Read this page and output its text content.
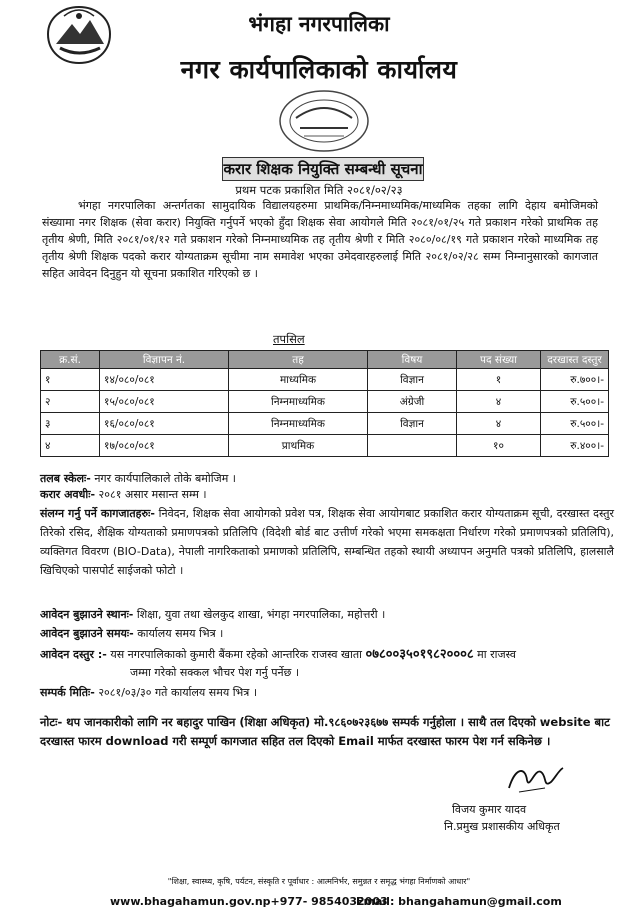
भंगहा नगरपालिका
नगर कार्यपालिकाको कार्यालय
करार शिक्षक नियुक्ति सम्बन्धी सूचना
प्रथम पटक प्रकाशित मिति २०८१/०२/२३
भंगहा नगरपालिका अन्तर्गतका सामुदायिक विद्यालयहरुमा प्राथमिक/निम्नमाध्यमिक/माध्यमिक तहका लागि देहाय बमोजिमको संख्यामा नगर शिक्षक (सेवा करार) नियुक्ति गर्नुपर्ने भएको हुँदा शिक्षक सेवा आयोगले मिति २०८१/०१/२५ गते प्रकाशन गरेको प्राथमिक तह तृतीय श्रेणी, मिति २०८१/०१/१२ गते प्रकाशन गरेको निम्नमाध्यमिक तह तृतीय श्रेणी र मिति २०८०/०८/१९ गते प्रकाशन गरेको माध्यमिक तह तृतीय श्रेणी शिक्षक पदको करार योग्यताक्रम सूचीमा नाम समावेश भएका उमेदवारहरुलाई मिति २०८१/०२/२८ सम्म निम्नानुसारको कागजात सहित आवेदन दिनुहुन यो सूचना प्रकाशित गरिएको छ ।
तपसिल
क्र.सं.	विज्ञापन नं.	तह	विषय	पद संख्या	दरखास्त दस्तुर
१	१४/०८०/०८१	माध्यमिक	विज्ञान	१	रु.७००।-
२	१५/०८०/०८१	निम्नमाध्यमिक	अंग्रेजी	४	रु.५००।-
३	१६/०८०/०८१	निम्नमाध्यमिक	विज्ञान	४	रु.५००।-
४	१७/०८०/०८१	प्राथमिक		१०	रु.४००।-
तलब स्केलः- नगर कार्यपालिकाले तोके बमोजिम ।
करार अवधीः- २०८१ असार मसान्त सम्म ।
संलग्न गर्नु पर्ने कागजातहरुः- निवेदन, शिक्षक सेवा आयोगको प्रवेश पत्र, शिक्षक सेवा आयोगबाट प्रकाशित करार योग्यताक्रम सूची, दरखास्त दस्तुर तिरेको रसिद, शैक्षिक योग्यताको प्रमाणपत्रको प्रतिलिपि (विदेशी बोर्ड बाट उत्तीर्ण गरेको भएमा समकक्षता निर्धारण गरेको प्रमाणपत्रको प्रतिलिपि), व्यक्तिगत विवरण (BIO-Data), नेपाली नागरिकताको प्रमाणको प्रतिलिपि, सम्बन्धित तहको स्थायी अध्यापन अनुमति पत्रको प्रतिलिपि, हालसालै खिचिएको पासपोर्ट साईजको फोटो ।
आवेदन बुझाउने स्थानः- शिक्षा, युवा तथा खेलकुद शाखा, भंगहा नगरपालिका, महोत्तरी ।
आवेदन बुझाउने समयः- कार्यालय समय भित्र ।
आवेदन दस्तुर :- यस नगरपालिकाको कुमारी बैंकमा रहेको आन्तरिक राजस्व खाता ०७८००३५०१९८२०००८ मा राजस्व
जम्मा गरेको सक्कल भौचर पेश गर्नु पर्नेछ ।
सम्पर्क मितिः- २०८१/०३/३० गते कार्यालय समय भित्र ।
नोटः- थप जानकारीको लागि नर बहादुर पाखिन (शिक्षा अधिकृत) मो.९८६०७२३६७७ सम्पर्क गर्नुहोला । साथै तल दिएको website बाट दरखास्त फारम download गरी सम्पूर्ण कागजात सहित तल दिएको Email मार्फत दरखास्त फारम पेश गर्न सकिनेछ ।
विजय कुमार यादव
नि.प्रमुख प्रशासकीय अधिकृत
"शिक्षा, स्वास्थ्य, कृषि, पर्यटन, संस्कृति र पूर्वाधार : आत्मनिर्भर, समुन्नत र समृद्ध भंगहा निर्माणको आधार"
www.bhagahamun.gov.np+977- 9854032003
Email: bhangahamun@gmail.com
